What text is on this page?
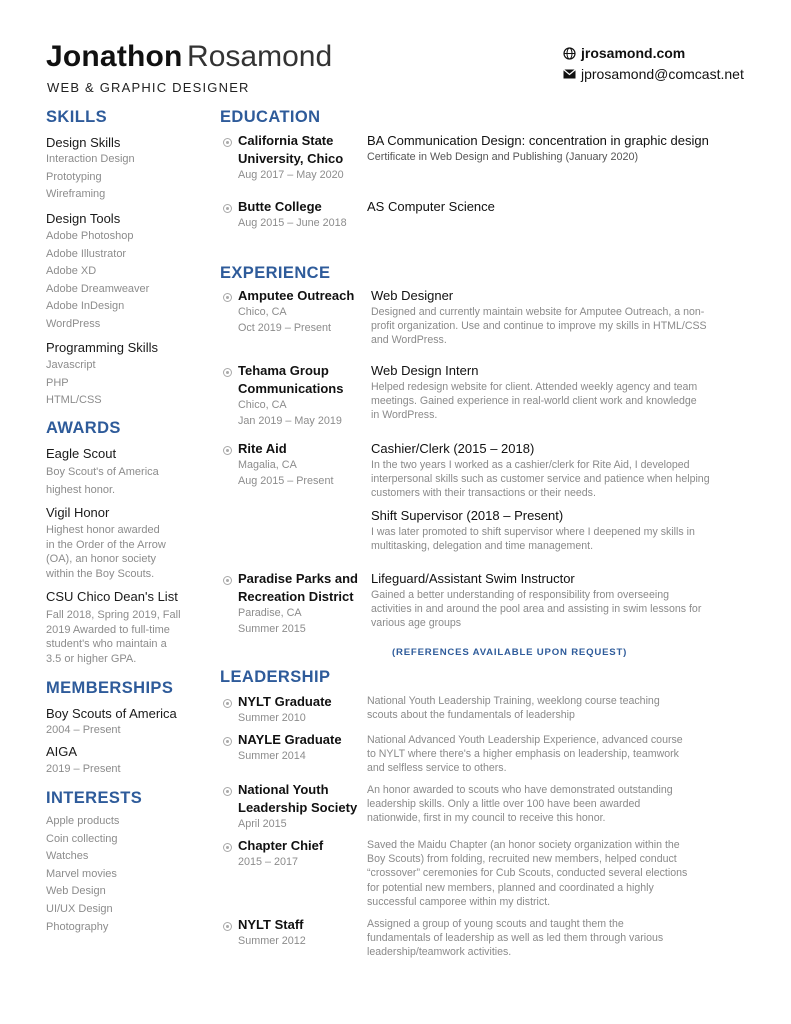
Jonathon Rosamond
WEB & GRAPHIC DESIGNER
jrosamond.com
jprosamond@comcast.net
SKILLS
Design Skills
Interaction Design
Prototyping
Wireframing
Design Tools
Adobe Photoshop
Adobe Illustrator
Adobe XD
Adobe Dreamweaver
Adobe InDesign
WordPress
Programming Skills
Javascript
PHP
HTML/CSS
AWARDS
Eagle Scout
Boy Scout's of America
highest honor.
Vigil Honor
Highest honor awarded
in the Order of the Arrow
(OA), an honor society
within the Boy Scouts.
CSU Chico Dean's List
Fall 2018, Spring 2019, Fall
2019 Awarded to full-time
student's who maintain a
3.5 or higher GPA.
MEMBERSHIPS
Boy Scouts of America
2004 – Present
AIGA
2019 – Present
INTERESTS
Apple products
Coin collecting
Watches
Marvel movies
Web Design
UI/UX Design
Photography
EDUCATION
California State
University, Chico
Aug 2017 – May 2020
BA Communication Design: concentration in graphic design
Certificate in Web Design and Publishing (January 2020)
Butte College
Aug 2015 – June 2018
AS Computer Science
EXPERIENCE
Amputee Outreach
Chico, CA
Oct 2019 – Present
Web Designer
Designed and currently maintain website for Amputee Outreach, a non-
profit organization. Use and continue to improve my skills in HTML/CSS
and WordPress.
Tehama Group
Communications
Chico, CA
Jan 2019 – May 2019
Web Design Intern
Helped redesign website for client. Attended weekly agency and team
meetings. Gained experience in real-world client work and knowledge
in WordPress.
Rite Aid
Magalia, CA
Aug 2015 – Present
Cashier/Clerk (2015 – 2018)
In the two years I worked as a cashier/clerk for Rite Aid, I developed
interpersonal skills such as customer service and patience when helping
customers with their transactions or their needs.
Shift Supervisor (2018 – Present)
I was later promoted to shift supervisor where I deepened my skills in
multitasking, delegation and time management.
Paradise Parks and
Recreation District
Paradise, CA
Summer 2015
Lifeguard/Assistant Swim Instructor
Gained a better understanding of responsibility from overseeing
activities in and around the pool area and assisting in swim lessons for
various age groups
(REFERENCES AVAILABLE UPON REQUEST)
LEADERSHIP
NYLT Graduate
Summer 2010
National Youth Leadership Training, weeklong course teaching
scouts about the fundamentals of leadership
NAYLE Graduate
Summer 2014
National Advanced Youth Leadership Experience, advanced course
to NYLT where there's a higher emphasis on leadership, teamwork
and selfless service to others.
National Youth
Leadership Society
April 2015
An honor awarded to scouts who have demonstrated outstanding
leadership skills. Only a little over 100 have been awarded
nationwide, first in my council to receive this honor.
Chapter Chief
2015 – 2017
Saved the Maidu Chapter (an honor society organization within the
Boy Scouts) from folding, recruited new members, helped conduct
“crossover” ceremonies for Cub Scouts, conducted several elections
for potential new members, planned and coordinated a highly
successful camporee within my district.
NYLT Staff
Summer 2012
Assigned a group of young scouts and taught them the
fundamentals of leadership as well as led them through various
leadership/teamwork activities.
